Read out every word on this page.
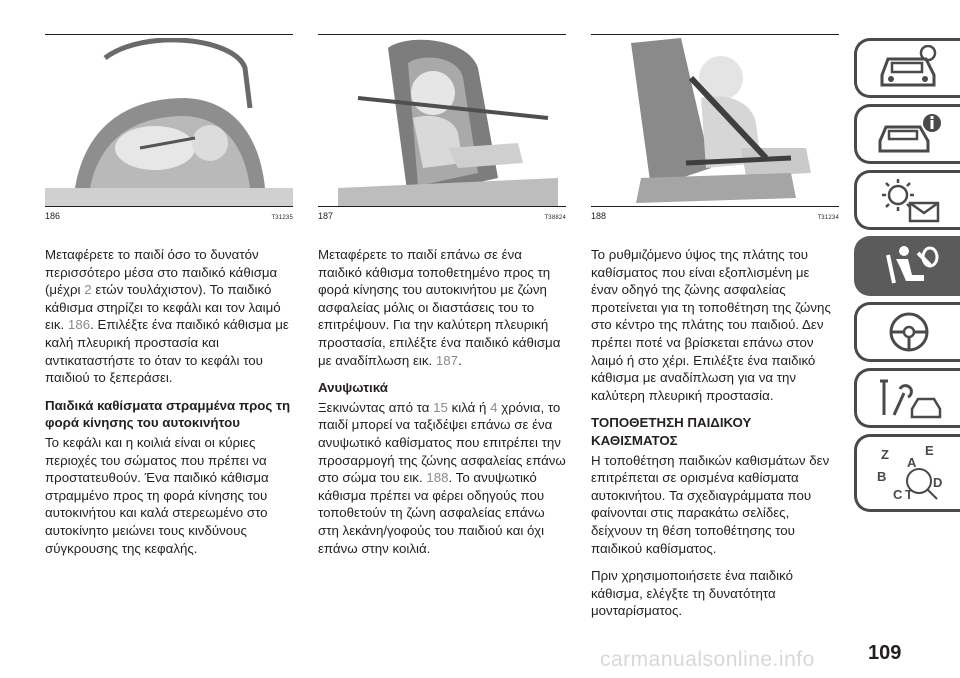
186	T31235

Μεταφέρετε το παιδί όσο το δυνατόν περισσότερο μέσα στο παιδικό κάθισμα (μέχρι 2 ετών τουλάχιστον). Το παιδικό κάθισμα στηρίζει το κεφάλι και τον λαιμό εικ. 186. Επιλέξτε ένα παιδικό κάθισμα με καλή πλευρική προστασία και αντικαταστήστε το όταν το κεφάλι του παιδιού το ξεπεράσει.

Παιδικά καθίσματα στραμμένα προς τη φορά κίνησης του αυτοκινήτου

Το κεφάλι και η κοιλιά είναι οι κύριες περιοχές του σώματος που πρέπει να προστατευθούν. Ένα παιδικό κάθισμα στραμμένο προς τη φορά κίνησης του αυτοκινήτου και καλά στερεωμένο στο αυτοκίνητο μειώνει τους κινδύνους σύγκρουσης της κεφαλής.

187	T38824

Μεταφέρετε το παιδί επάνω σε ένα παιδικό κάθισμα τοποθετημένο προς τη φορά κίνησης του αυτοκινήτου με ζώνη ασφαλείας μόλις οι διαστάσεις του το επιτρέψουν. Για την καλύτερη πλευρική προστασία, επιλέξτε ένα παιδικό κάθισμα με αναδίπλωση εικ. 187.

Ανυψωτικά

Ξεκινώντας από τα 15 κιλά ή 4 χρόνια, το παιδί μπορεί να ταξιδέψει επάνω σε ένα ανυψωτικό καθίσματος που επιτρέπει την προσαρμογή της ζώνης ασφαλείας επάνω στο σώμα του εικ. 188. Το ανυψωτικό κάθισμα πρέπει να φέρει οδηγούς που τοποθετούν τη ζώνη ασφαλείας επάνω στη λεκάνη/γοφούς του παιδιού και όχι επάνω στην κοιλιά.

188	T31234

Το ρυθμιζόμενο ύψος της πλάτης του καθίσματος που είναι εξοπλισμένη με έναν οδηγό της ζώνης ασφαλείας προτείνεται για τη τοποθέτηση της ζώνης στο κέντρο της πλάτης του παιδιού. Δεν πρέπει ποτέ να βρίσκεται επάνω στον λαιμό ή στο χέρι. Επιλέξτε ένα παιδικό κάθισμα με αναδίπλωση για να την καλύτερη πλευρική προστασία.

ΤΟΠΟΘΕΤΗΣΗ ΠΑΙΔΙΚΟΥ ΚΑΘΙΣΜΑΤΟΣ

Η τοποθέτηση παιδικών καθισμάτων δεν επιτρέπεται σε ορισμένα καθίσματα αυτοκινήτου. Τα σχεδιαγράμματα που φαίνονται στις παρακάτω σελίδες, δείχνουν τη θέση τοποθέτησης του παιδικού καθίσματος.

Πριν χρησιμοποιήσετε ένα παιδικό κάθισμα, ελέγξτε τη δυνατότητα μονταρίσματος.

Z	E
B
A
C T
D
carmanualsonline.info	109
